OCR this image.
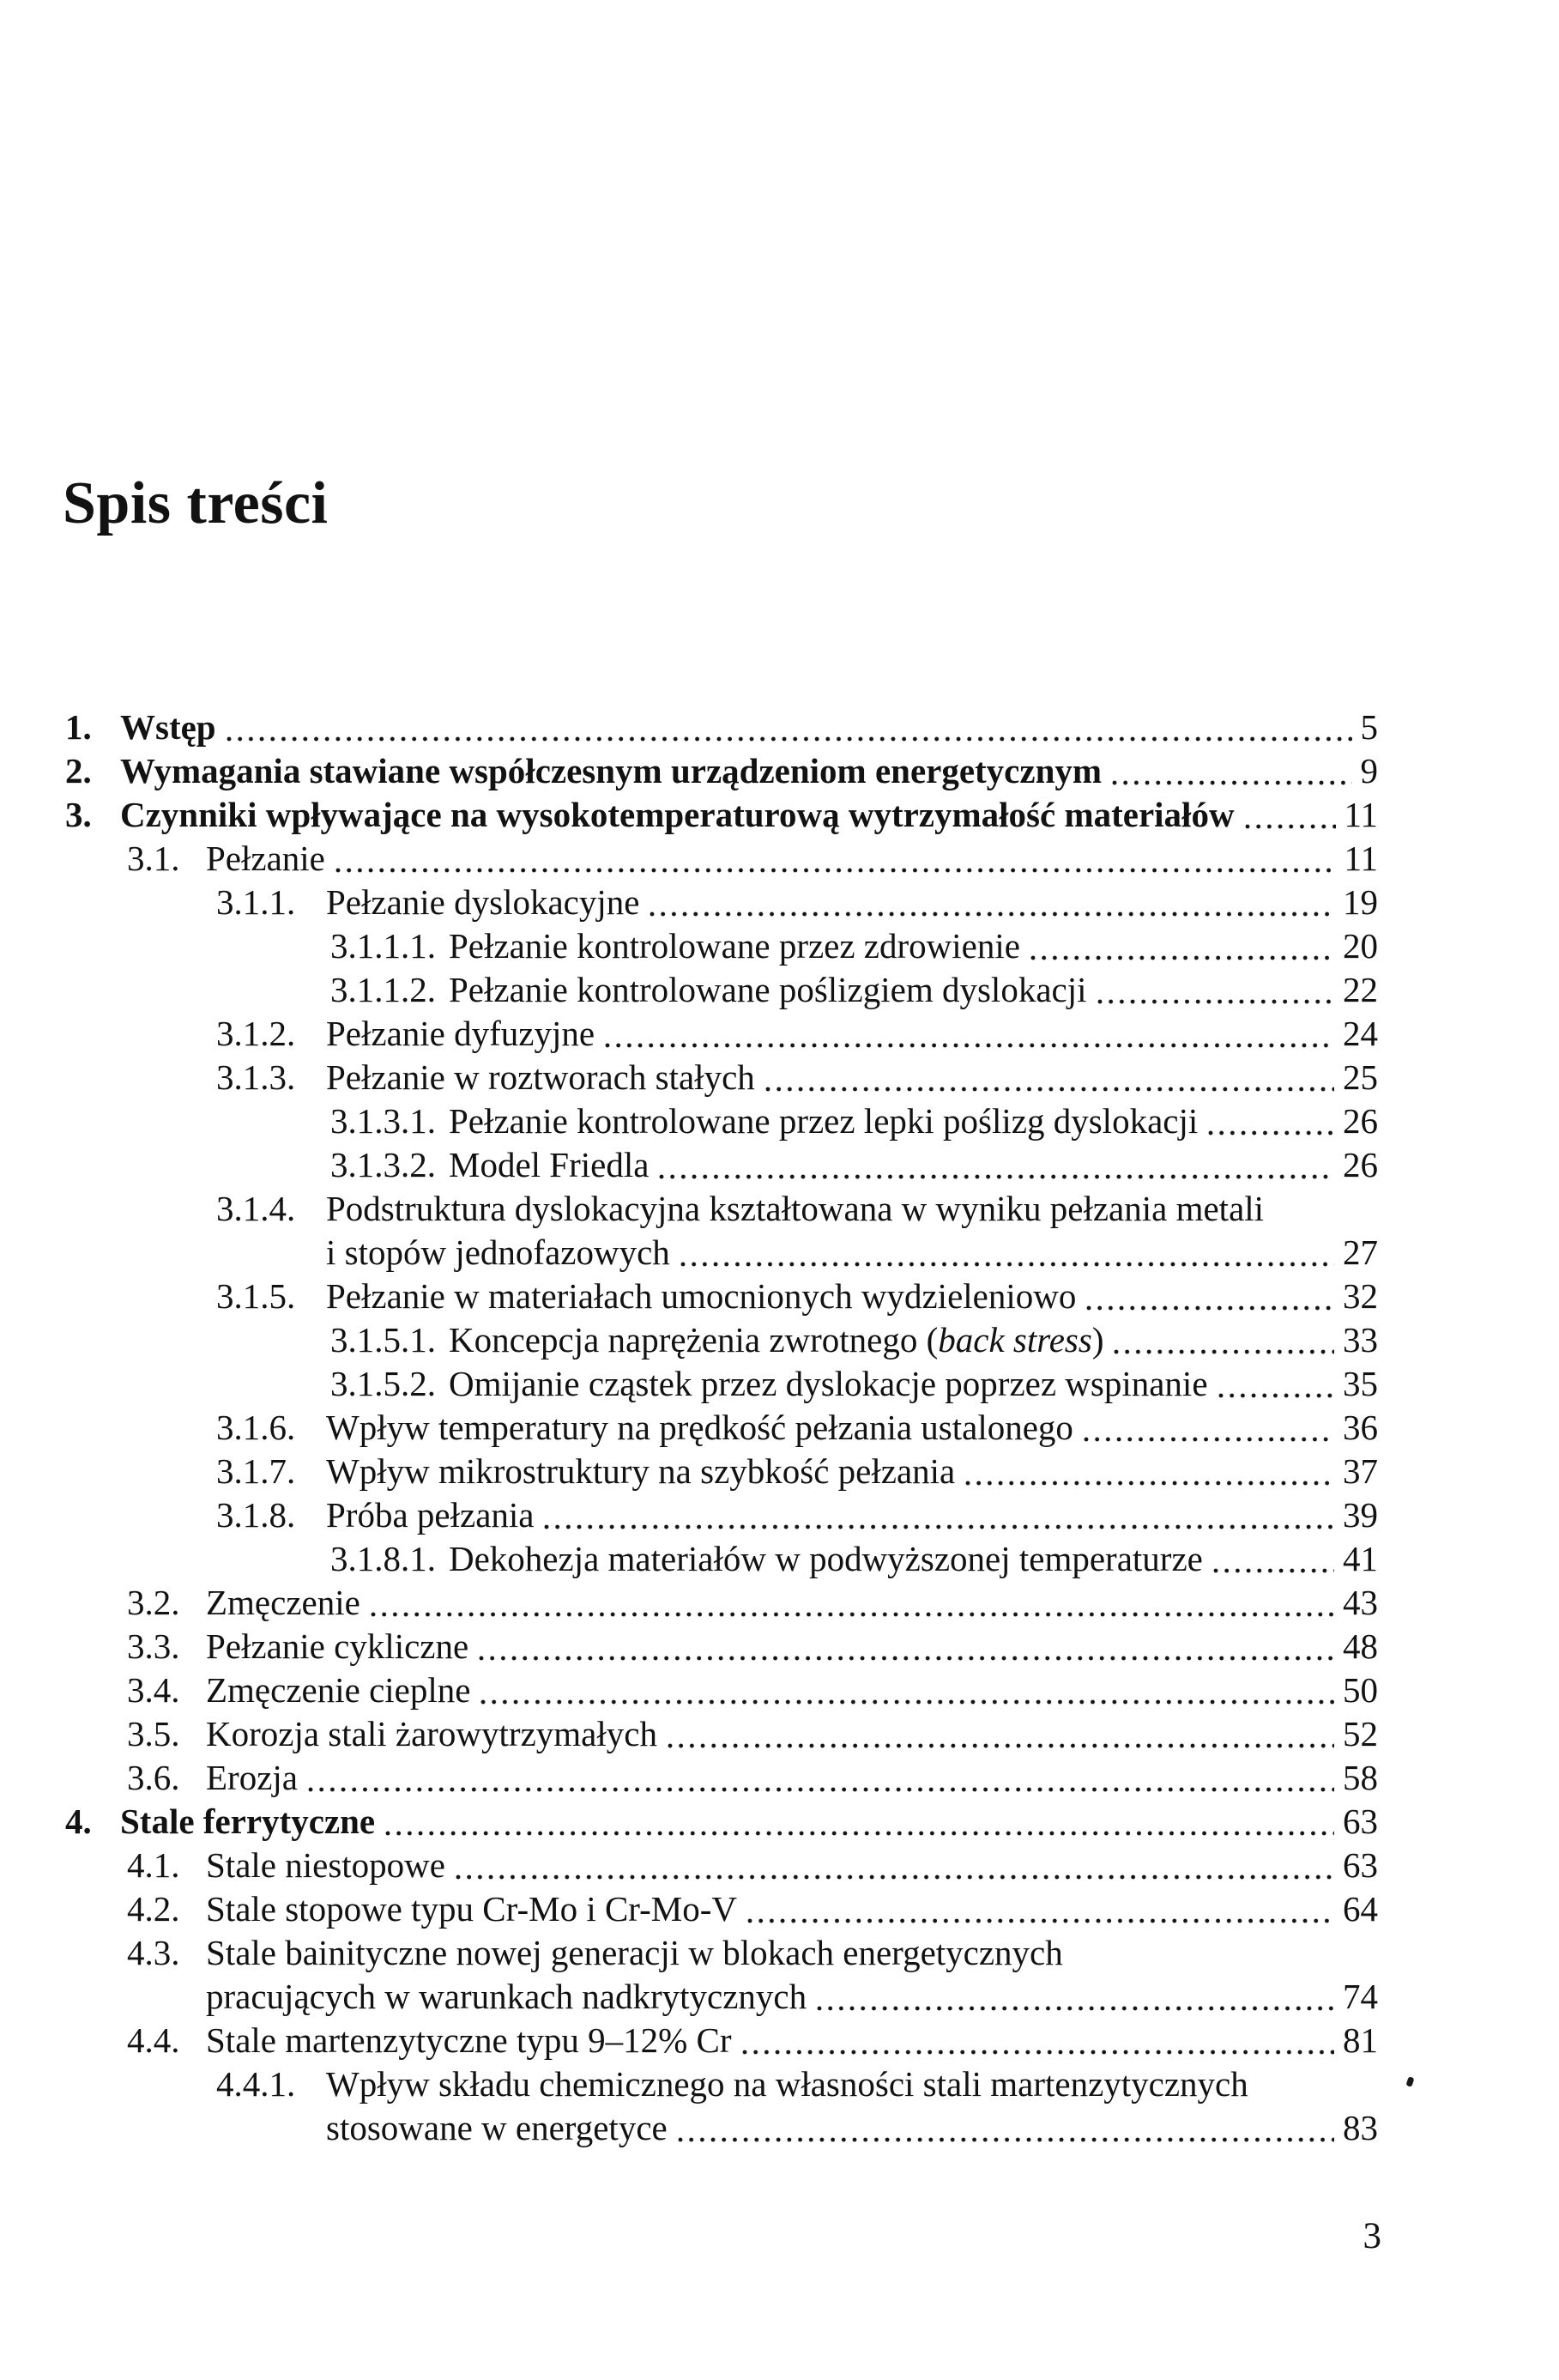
Spis treści
1. Wstęp	5
2. Wymagania stawiane współczesnym urządzeniom energetycznym	9
3. Czynniki wpływające na wysokotemperaturową wytrzymałość materiałów	11
3.1. Pełzanie	11
3.1.1. Pełzanie dyslokacyjne	19
3.1.1.1. Pełzanie kontrolowane przez zdrowienie	20
3.1.1.2. Pełzanie kontrolowane poślizgiem dyslokacji	22
3.1.2. Pełzanie dyfuzyjne	24
3.1.3. Pełzanie w roztworach stałych	25
3.1.3.1. Pełzanie kontrolowane przez lepki poślizg dyslokacji	26
3.1.3.2. Model Friedla	26
3.1.4. Podstruktura dyslokacyjna kształtowana w wyniku pełzania metali
i stopów jednofazowych	27
3.1.5. Pełzanie w materiałach umocnionych wydzieleniowo	32
3.1.5.1. Koncepcja naprężenia zwrotnego (back stress)	33
3.1.5.2. Omijanie cząstek przez dyslokacje poprzez wspinanie	35
3.1.6. Wpływ temperatury na prędkość pełzania ustalonego	36
3.1.7. Wpływ mikrostruktury na szybkość pełzania	37
3.1.8. Próba pełzania	39
3.1.8.1. Dekohezja materiałów w podwyższonej temperaturze	41
3.2. Zmęczenie	43
3.3. Pełzanie cykliczne	48
3.4. Zmęczenie cieplne	50
3.5. Korozja stali żarowytrzymałych	52
3.6. Erozja	58
4. Stale ferrytyczne	63
4.1. Stale niestopowe	63
4.2. Stale stopowe typu Cr-Mo i Cr-Mo-V	64
4.3. Stale bainityczne nowej generacji w blokach energetycznych
pracujących w warunkach nadkrytycznych	74
4.4. Stale martenzytyczne typu 9–12% Cr	81
4.4.1. Wpływ składu chemicznego na własności stali martenzytycznych
stosowane w energetyce	83
3
